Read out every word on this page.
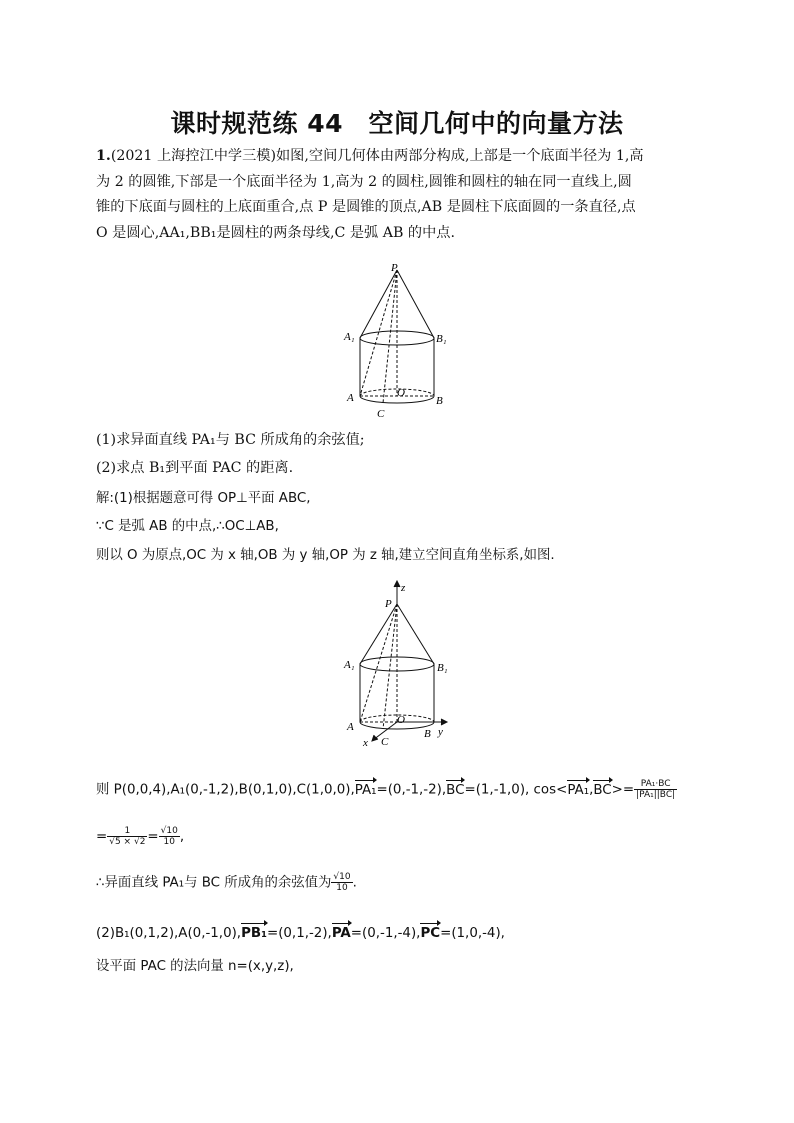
课时规范练 44　空间几何中的向量方法
1.(2021 上海控江中学三模)如图,空间几何体由两部分构成,上部是一个底面半径为 1,高
为 2 的圆锥,下部是一个底面半径为 1,高为 2 的圆柱,圆锥和圆柱的轴在同一直线上,圆
锥的下底面与圆柱的上底面重合,点 P 是圆锥的顶点,AB 是圆柱下底面圆的一条直径,点
O 是圆心,AA₁,BB₁是圆柱的两条母线,C 是弧 AB 的中点.
P
A₁	B₁
A	O
B
C
(1)求异面直线 PA₁与 BC 所成角的余弦值;
(2)求点 B₁到平面 PAC 的距离.
解:(1)根据题意可得 OP⊥平面 ABC,
∵C 是弧 AB 的中点,∴OC⊥AB,
则以 O 为原点,OC 为 x 轴,OB 为 y 轴,OP 为 z 轴,建立空间直角坐标系,如图.
P
z
A₁	B₁
A
O
B y
x C
则 P(0,0,4),A₁(0,-1,2),B(0,1,0),C(1,0,0),PA₁=(0,-1,-2),BC=(1,-1,0), $\cos<PA_1,BC>= \frac{\text{PA₁·BC}}{\text{|PA₁||BC|}}$
= $\frac{1}{√5 \times √2} = \frac{√10}{10}$ ,
∴异面直线 PA₁与 BC 所成角的余弦值为 $\frac{√10}{10}$ .
(2)B₁(0,1,2),A(0,-1,0),PB₁=(0,1,-2),PA=(0,-1,-4),PC=(1,0,-4),
设平面 PAC 的法向量 n=(x,y,z),
